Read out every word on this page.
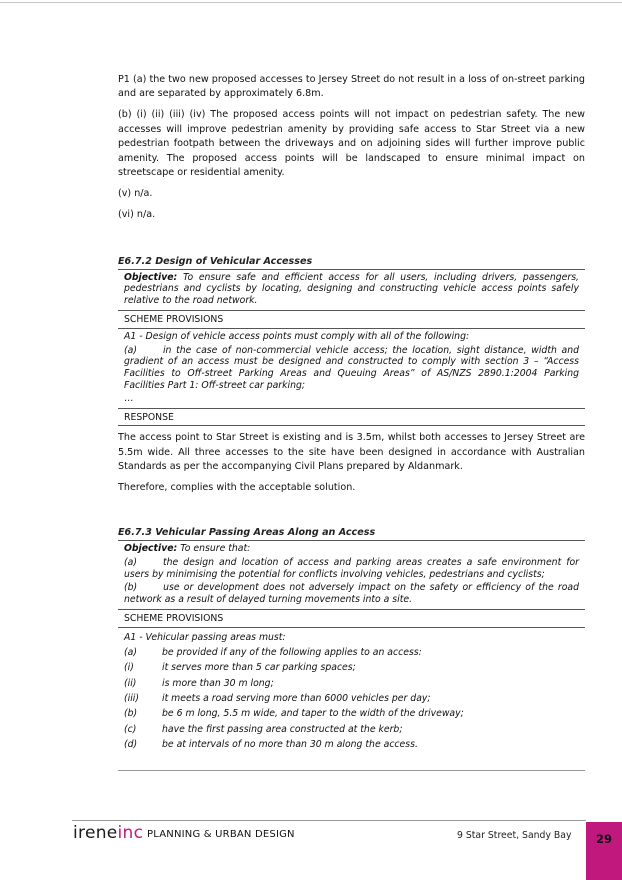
P1 (a) the two new proposed accesses to Jersey Street do not result in a loss of on-street parking and are separated by approximately 6.8m.

(b) (i) (ii) (iii) (iv) The proposed access points will not impact on pedestrian safety. The new accesses will improve pedestrian amenity by providing safe access to Star Street via a new pedestrian footpath between the driveways and on adjoining sides will further improve public amenity. The proposed access points will be landscaped to ensure minimal impact on streetscape or residential amenity.

(v) n/a.

(vi) n/a.

E6.7.2 Design of Vehicular Accesses
Objective: To ensure safe and efficient access for all users, including drivers, passengers, pedestrians and cyclists by locating, designing and constructing vehicle access points safely relative to the road network.
SCHEME PROVISIONS
A1 - Design of vehicle access points must comply with all of the following:
(a)	in the case of non-commercial vehicle access; the location, sight distance, width and gradient of an access must be designed and constructed to comply with section 3 – “Access Facilities to Off-street Parking Areas and Queuing Areas” of AS/NZS 2890.1:2004 Parking Facilities Part 1: Off-street car parking;
…
RESPONSE

The access point to Star Street is existing and is 3.5m, whilst both accesses to Jersey Street are 5.5m wide. All three accesses to the site have been designed in accordance with Australian Standards as per the accompanying Civil Plans prepared by Aldanmark.

Therefore, complies with the acceptable solution.

E6.7.3 Vehicular Passing Areas Along an Access
Objective: To ensure that:
(a)	the design and location of access and parking areas creates a safe environment for users by minimising the potential for conflicts involving vehicles, pedestrians and cyclists;
(b)	use or development does not adversely impact on the safety or efficiency of the road network as a result of delayed turning movements into a site.
SCHEME PROVISIONS
A1 - Vehicular passing areas must:
(a)	be provided if any of the following applies to an access:
(i)	it serves more than 5 car parking spaces;
(ii)	is more than 30 m long;
(iii)	it meets a road serving more than 6000 vehicles per day;
(b)	be 6 m long, 5.5 m wide, and taper to the width of the driveway;
(c)	have the first passing area constructed at the kerb;
(d)	be at intervals of no more than 30 m along the access.
ireneinc PLANNING & URBAN DESIGN	9 Star Street, Sandy Bay	29
